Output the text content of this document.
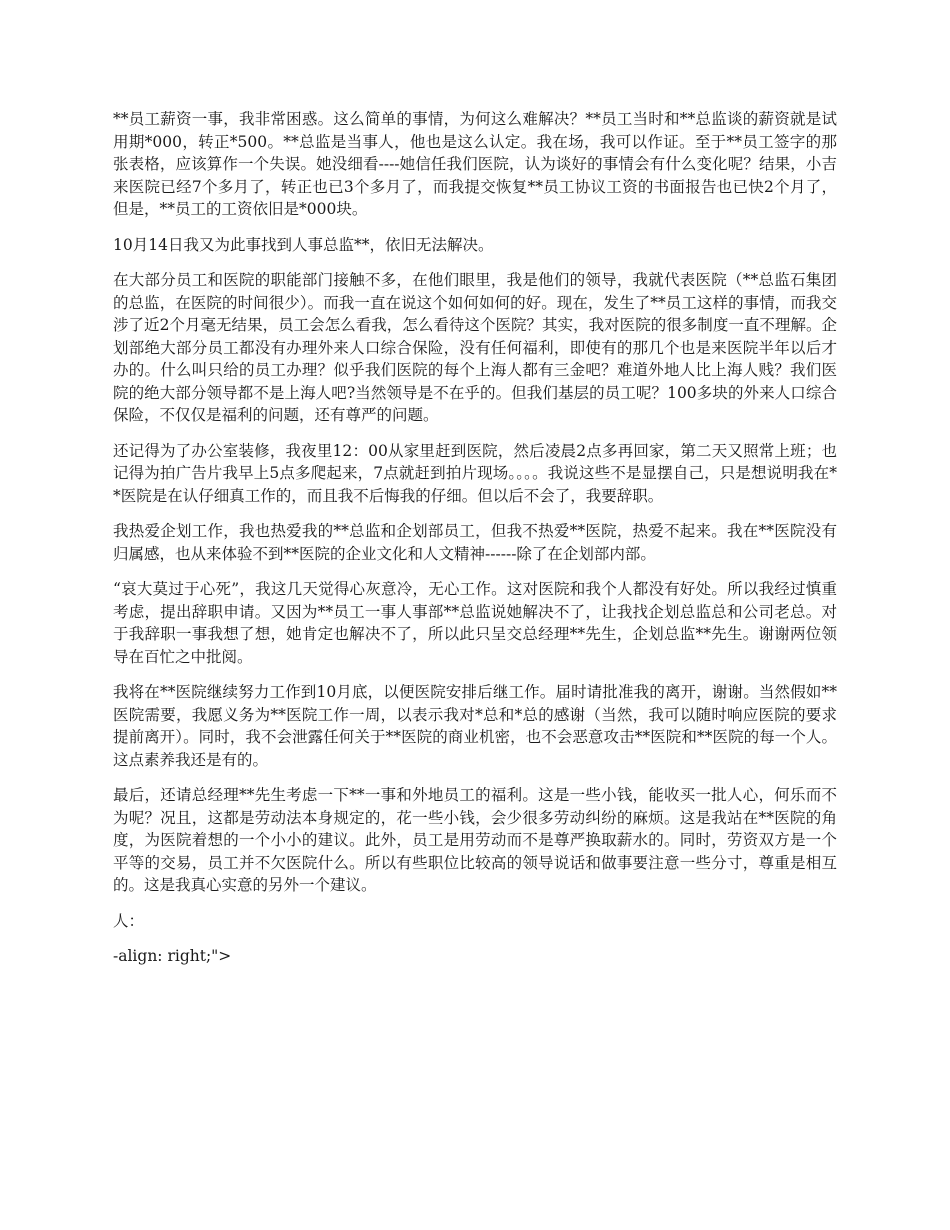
**员工薪资一事，我非常困惑。这么简单的事情，为何这么难解决？**员工当时和**总监谈的薪资就是试用期*000，转正*500。**总监是当事人，他也是这么认定。我在场，我可以作证。至于**员工签字的那张表格，应该算作一个失误。她没细看----她信任我们医院，认为谈好的事情会有什么变化呢？结果，小吉来医院已经7个多月了，转正也已3个多月了，而我提交恢复**员工协议工资的书面报告也已快2个月了，但是，**员工的工资依旧是*000块。

10月14日我又为此事找到人事总监**，依旧无法解决。

在大部分员工和医院的职能部门接触不多，在他们眼里，我是他们的领导，我就代表医院（**总监石集团的总监，在医院的时间很少）。而我一直在说这个如何如何的好。现在，发生了**员工这样的事情，而我交涉了近2个月毫无结果，员工会怎么看我，怎么看待这个医院？其实，我对医院的很多制度一直不理解。企划部绝大部分员工都没有办理外来人口综合保险，没有任何福利，即使有的那几个也是来医院半年以后才办的。什么叫只给的员工办理？似乎我们医院的每个上海人都有三金吧？难道外地人比上海人贱？我们医院的绝大部分领导都不是上海人吧?当然领导是不在乎的。但我们基层的员工呢？100多块的外来人口综合保险，不仅仅是福利的问题，还有尊严的问题。

还记得为了办公室装修，我夜里12：00从家里赶到医院，然后凌晨2点多再回家，第二天又照常上班；也记得为拍广告片我早上5点多爬起来，7点就赶到拍片现场。。。。我说这些不是显摆自己，只是想说明我在**医院是在认仔细真工作的，而且我不后悔我的仔细。但以后不会了，我要辞职。

我热爱企划工作，我也热爱我的**总监和企划部员工，但我不热爱**医院，热爱不起来。我在**医院没有归属感，也从来体验不到**医院的企业文化和人文精神------除了在企划部内部。

“哀大莫过于心死”，我这几天觉得心灰意冷，无心工作。这对医院和我个人都没有好处。所以我经过慎重考虑，提出辞职申请。又因为**员工一事人事部**总监说她解决不了，让我找企划总监总和公司老总。对于我辞职一事我想了想，她肯定也解决不了，所以此只呈交总经理**先生，企划总监**先生。谢谢两位领导在百忙之中批阅。

我将在**医院继续努力工作到10月底，以便医院安排后继工作。届时请批准我的离开，谢谢。当然假如**医院需要，我愿义务为**医院工作一周，以表示我对*总和*总的感谢（当然，我可以随时响应医院的要求提前离开）。同时，我不会泄露任何关于**医院的商业机密，也不会恶意攻击**医院和**医院的每一个人。这点素养我还是有的。

最后，还请总经理**先生考虑一下**一事和外地员工的福利。这是一些小钱，能收买一批人心，何乐而不为呢？况且，这都是劳动法本身规定的，花一些小钱，会少很多劳动纠纷的麻烦。这是我站在**医院的角度，为医院着想的一个小小的建议。此外，员工是用劳动而不是尊严换取薪水的。同时，劳资双方是一个平等的交易，员工并不欠医院什么。所以有些职位比较高的领导说话和做事要注意一些分寸，尊重是相互的。这是我真心实意的另外一个建议。

人：

-align: right;">
